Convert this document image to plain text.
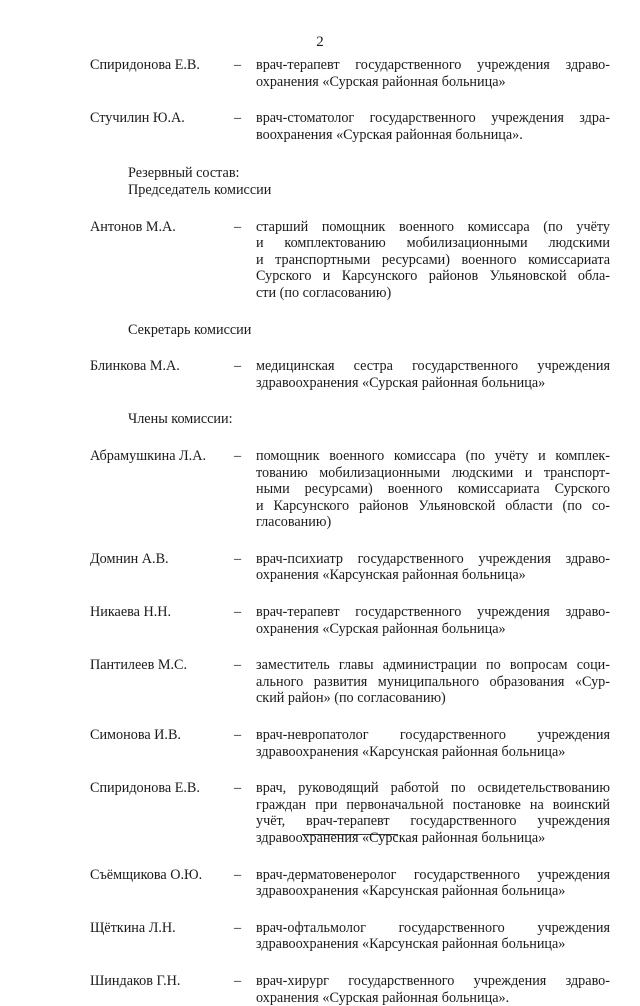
2
Спиридонова Е.В.	–	врач-терапевт государственного учреждения здраво-
охранения «Сурская районная больница»
Стучилин Ю.А.	–	врач-стоматолог государственного учреждения здра-
воохранения «Сурская районная больница».
Резервный состав:
Председатель комиссии
Антонов М.А.	–	старший помощник военного комиссара (по учёту
и комплектованию мобилизационными людскими
и транспортными ресурсами) военного комиссариата
Сурского и Карсунского районов Ульяновской обла-
сти (по согласованию)
Секретарь комиссии
Блинкова М.А.	–	медицинская сестра государственного учреждения
здравоохранения «Сурская районная больница»
Члены комиссии:
Абрамушкина Л.А.	–	помощник военного комиссара (по учёту и комплек-
тованию мобилизационными людскими и транспорт-
ными ресурсами) военного комиссариата Сурского
и Карсунского районов Ульяновской области (по со-
гласованию)
Домнин А.В.	–	врач-психиатр государственного учреждения здраво-
охранения «Карсунская районная больница»
Никаева Н.Н.	–	врач-терапевт государственного учреждения здраво-
охранения «Сурская районная больница»
Пантилеев М.С.	–	заместитель главы администрации по вопросам соци-
ального развития муниципального образования «Сур-
ский район» (по согласованию)
Симонова И.В.	–	врач-невропатолог государственного учреждения
здравоохранения «Карсунская районная больница»
Спиридонова Е.В.	–	врач, руководящий работой по освидетельствованию
граждан при первоначальной постановке на воинский
учёт, врач-терапевт государственного учреждения
здравоохранения «Сурская районная больница»
Съёмщикова О.Ю.	–	врач-дерматовенеролог государственного учреждения
здравоохранения «Карсунская районная больница»
Щёткина Л.Н.	–	врач-офтальмолог государственного учреждения
здравоохранения «Карсунская районная больница»
Шиндаков Г.Н.	–	врач-хирург государственного учреждения здраво-
охранения «Сурская районная больница».
